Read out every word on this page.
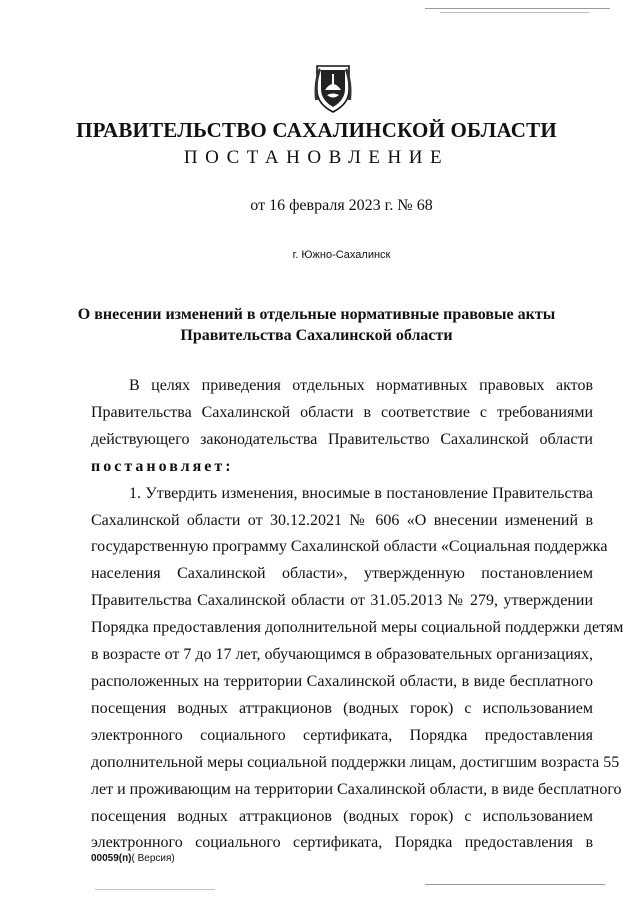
ПРАВИТЕЛЬСТВО САХАЛИНСКОЙ ОБЛАСТИ
ПОСТАНОВЛЕНИЕ
от 16 февраля 2023 г. № 68
г. Южно-Сахалинск
О внесении изменений в отдельные нормативные правовые акты
Правительства Сахалинской области
В целях приведения отдельных нормативных правовых актов
Правительства Сахалинской области в соответствие с требованиями
действующего законодательства Правительство Сахалинской области
постановляет:
1. Утвердить изменения, вносимые в постановление Правительства
Сахалинской области от 30.12.2021 № 606 «О внесении изменений в
государственную программу Сахалинской области «Социальная поддержка
населения Сахалинской области», утвержденную постановлением
Правительства Сахалинской области от 31.05.2013 № 279, утверждении
Порядка предоставления дополнительной меры социальной поддержки детям
в возрасте от 7 до 17 лет, обучающимся в образовательных организациях,
расположенных на территории Сахалинской области, в виде бесплатного
посещения водных аттракционов (водных горок) с использованием
электронного социального сертификата, Порядка предоставления
дополнительной меры социальной поддержки лицам, достигшим возраста 55
лет и проживающим на территории Сахалинской области, в виде бесплатного
посещения водных аттракционов (водных горок) с использованием
электронного социального сертификата, Порядка предоставления в
00059(п)( Версия)
